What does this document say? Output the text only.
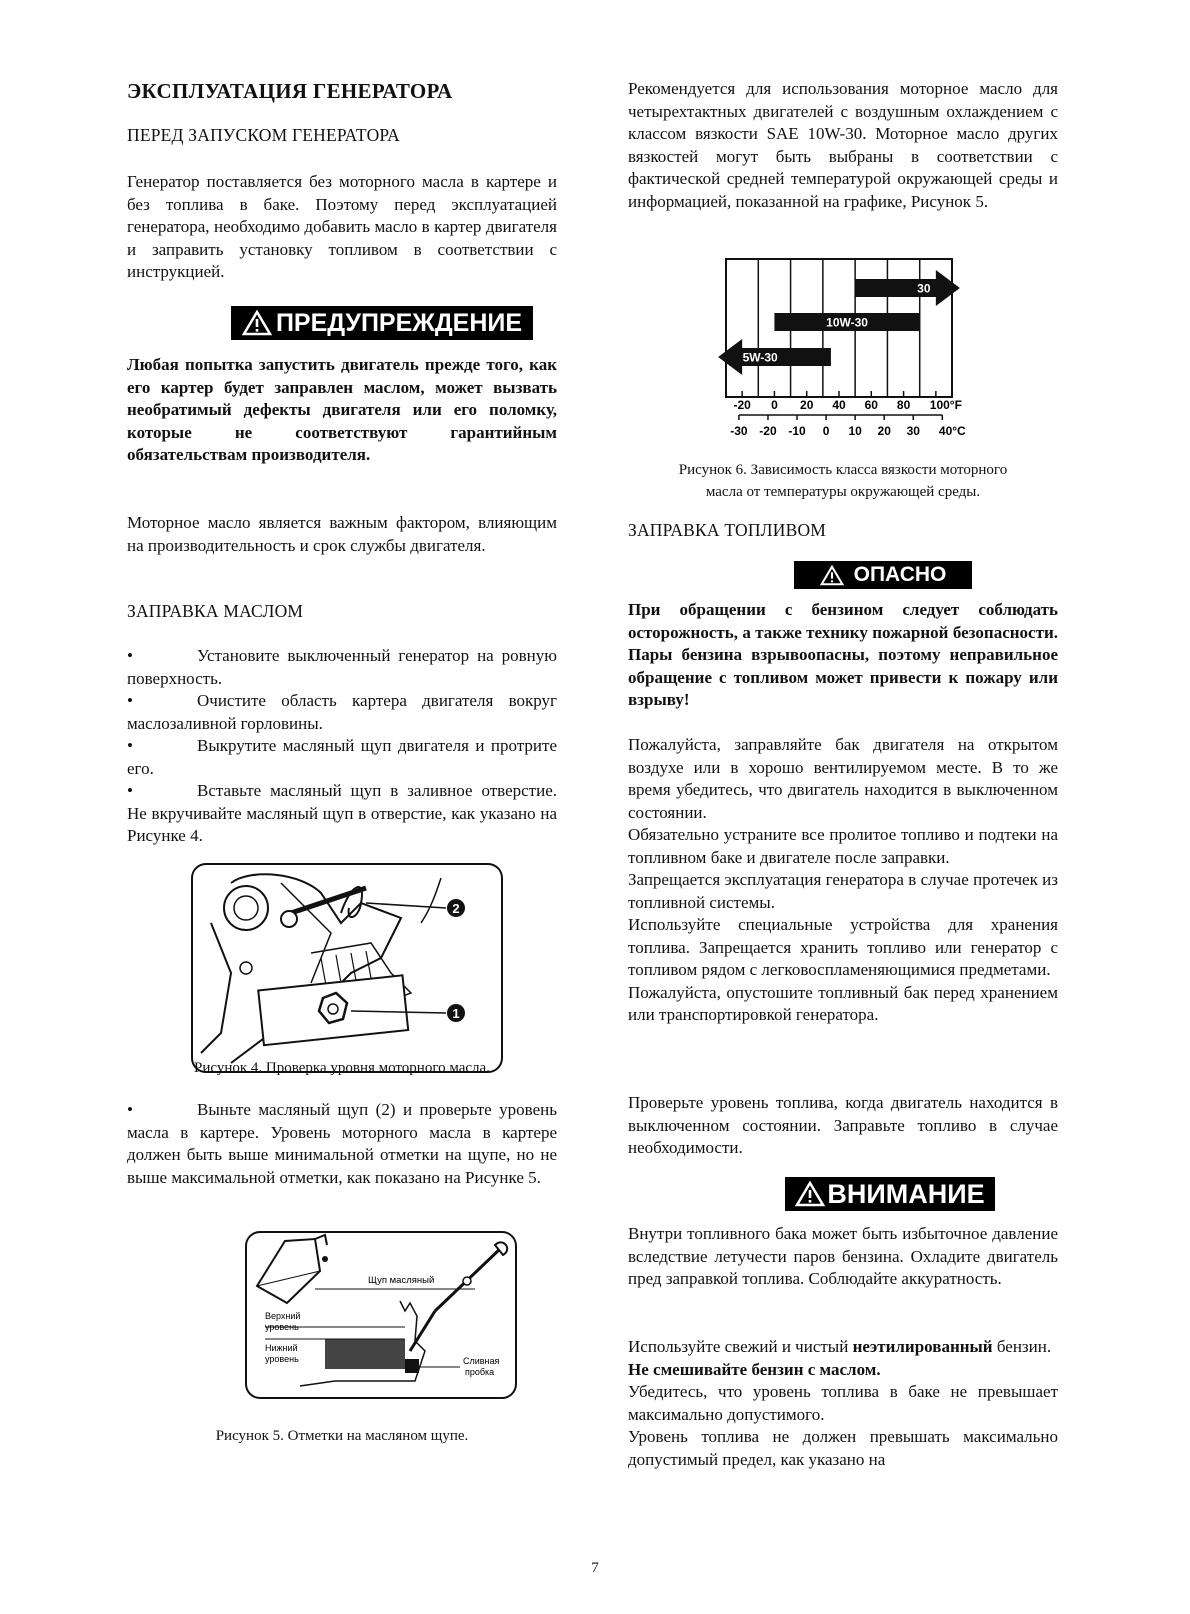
ЭКСПЛУАТАЦИЯ ГЕНЕРАТОРА
ПЕРЕД ЗАПУСКОМ ГЕНЕРАТОРА

Генератор поставляется без моторного масла в картере и без топлива в баке. Поэтому перед эксплуатацией генератора, необходимо добавить масло в картер двигателя и заправить установку топливом в соответствии с инструкцией.

ПРЕДУПРЕЖДЕНИЕ

Любая попытка запустить двигатель прежде того, как его картер будет заправлен маслом, может вызвать необратимый дефекты двигателя или его поломку, которые не соответствуют гарантийным обязательствам производителя.

Моторное масло является важным фактором, влияющим на производительность и срок службы двигателя.

ЗАПРАВКА МАСЛОМ

•	Установите выключенный генератор на ровную поверхность.

•	Очистите область картера двигателя вокруг маслозаливной горловины.

•	Выкрутите масляный щуп двигателя и протрите его.

•	Вставьте масляный щуп в заливное отверстие. Не вкручивайте масляный щуп в отверстие, как указано на Рисунке 4.

2
1

Рисунок 4. Проверка уровня моторного масла.

•	Выньте масляный щуп (2) и проверьте уровень масла в картере. Уровень моторного масла в картере должен быть выше минимальной отметки на щупе, но не выше максимальной отметки, как показано на Рисунке 5.

Щуп масляный
Верхний
уровень
Нижний
уровень	Сливная
пробка

Рисунок 5. Отметки на масляном щупе.

Рекомендуется для использования моторное масло для четырехтактных двигателей с воздушным охлаждением с классом вязкости SAE 10W-30. Моторное масло других вязкостей могут быть выбраны в соответствии с фактической средней температурой окружающей среды и информацией, показанной на графике, Рисунок 5.

30
10W-30
5W-30
-20 0 20 40 60 80 100°F
-30 -20 -10 0 10 20 30 40°C

Рисунок 6. Зависимость класса вязкости моторного

масла от температуры окружающей среды.

ЗАПРАВКА ТОПЛИВОМ
ОПАСНО

При обращении с бензином следует соблюдать осторожность, а также технику пожарной безопасности. Пары бензина взрывоопасны, поэтому неправильное обращение с топливом может привести к пожару или взрыву!

Пожалуйста, заправляйте бак двигателя на открытом воздухе или в хорошо вентилируемом месте. В то же время убедитесь, что двигатель находится в выключенном состоянии.

Обязательно устраните все пролитое топливо и подтеки на топливном баке и двигателе после заправки.

Запрещается эксплуатация генератора в случае протечек из топливной системы.

Используйте специальные устройства для хранения топлива. Запрещается хранить топливо или генератор с топливом рядом с легковоспламеняющимися предметами.

Пожалуйста, опустошите топливный бак перед хранением или транспортировкой генератора.

Проверьте уровень топлива, когда двигатель находится в выключенном состоянии. Заправьте топливо в случае необходимости.

ВНИМАНИЕ

Внутри топливного бака может быть избыточное давление вследствие летучести паров бензина. Охладите двигатель пред заправкой топлива. Соблюдайте аккуратность.

Используйте свежий и чистый неэтилированный бензин.

Не смешивайте бензин с маслом.

Убедитесь, что уровень топлива в баке не превышает максимально допустимого.

Уровень топлива не должен превышать максимально допустимый предел, как указано на

7
